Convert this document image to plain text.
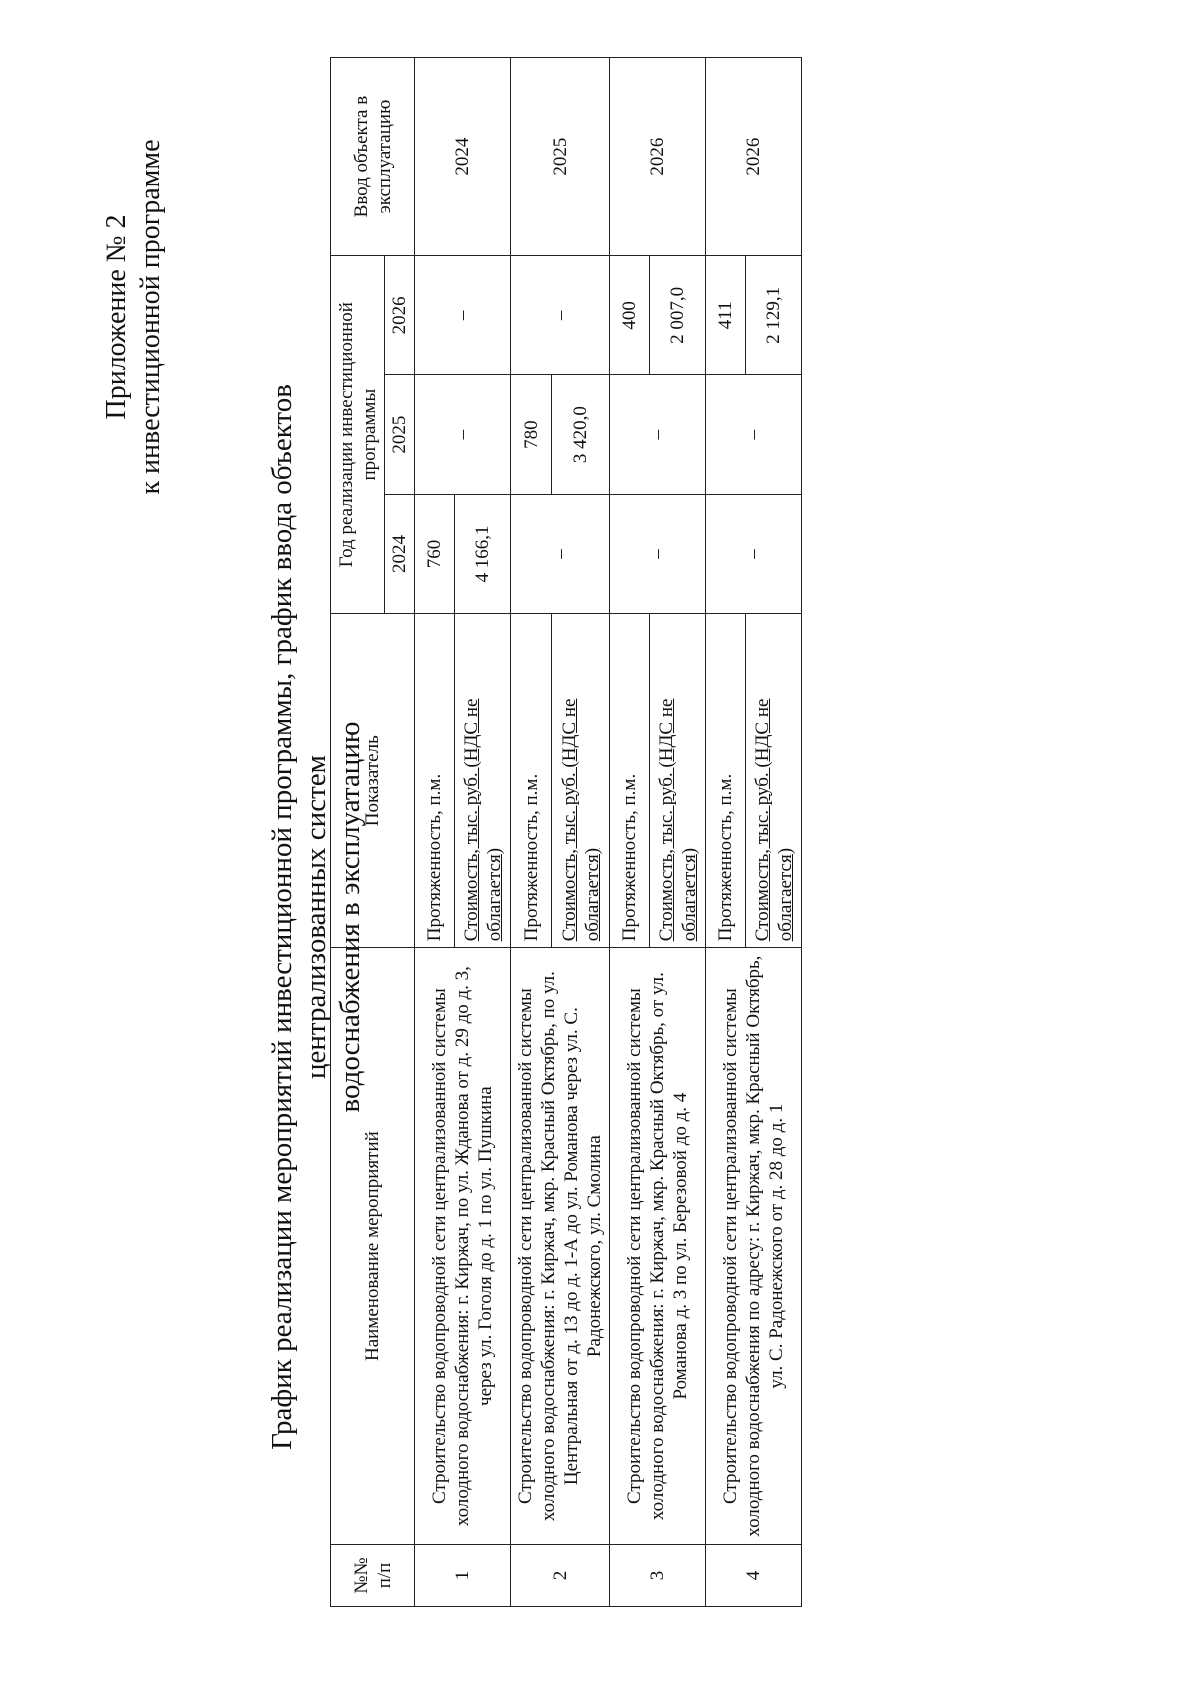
Приложение № 2 к инвестиционной программе
График реализации мероприятий инвестиционной программы, график ввода объектов централизованных систем водоснабжения в эксплуатацию
№№ п/п	Наименование мероприятий	Показатель	Год реализации инвестиционной программы			Ввод объекта в эксплуатацию
			2024	2025	2026	
1	Строительство водопроводной сети централизованной системы холодного водоснабжения: г. Киржач, по ул. Жданова от д. 29 до д. 3, через ул. Гоголя до д. 1 по ул. Пушкина	Протяженность, п.м.	760	–	–	2024
		Стоимость, тыс. руб. (НДС не облагается)	4 166,1			
2	Строительство водопроводной сети централизованной системы холодного водоснабжения: г. Киржач, мкр. Красный Октябрь, по ул. Центральная от д. 13 до д. 1-А до ул. Романова через ул. С. Радонежского, ул. Смолина	Протяженность, п.м.	–	780	–	2025
		Стоимость, тыс. руб. (НДС не облагается)		3 420,0		
3	Строительство водопроводной сети централизованной системы холодного водоснабжения: г. Киржач, мкр. Красный Октябрь, от ул. Романова д. 3 по ул. Березовой до д. 4	Протяженность, п.м.	–	–	400	2026
		Стоимость, тыс. руб. (НДС не облагается)			2 007,0	
4	Строительство водопроводной сети централизованной системы холодного водоснабжения по адресу: г. Киржач, мкр. Красный Октябрь, ул. С. Радонежского от д. 28 до д. 1	Протяженность, п.м.	–	–	411	2026
		Стоимость, тыс. руб. (НДС не облагается)			2 129,1	
